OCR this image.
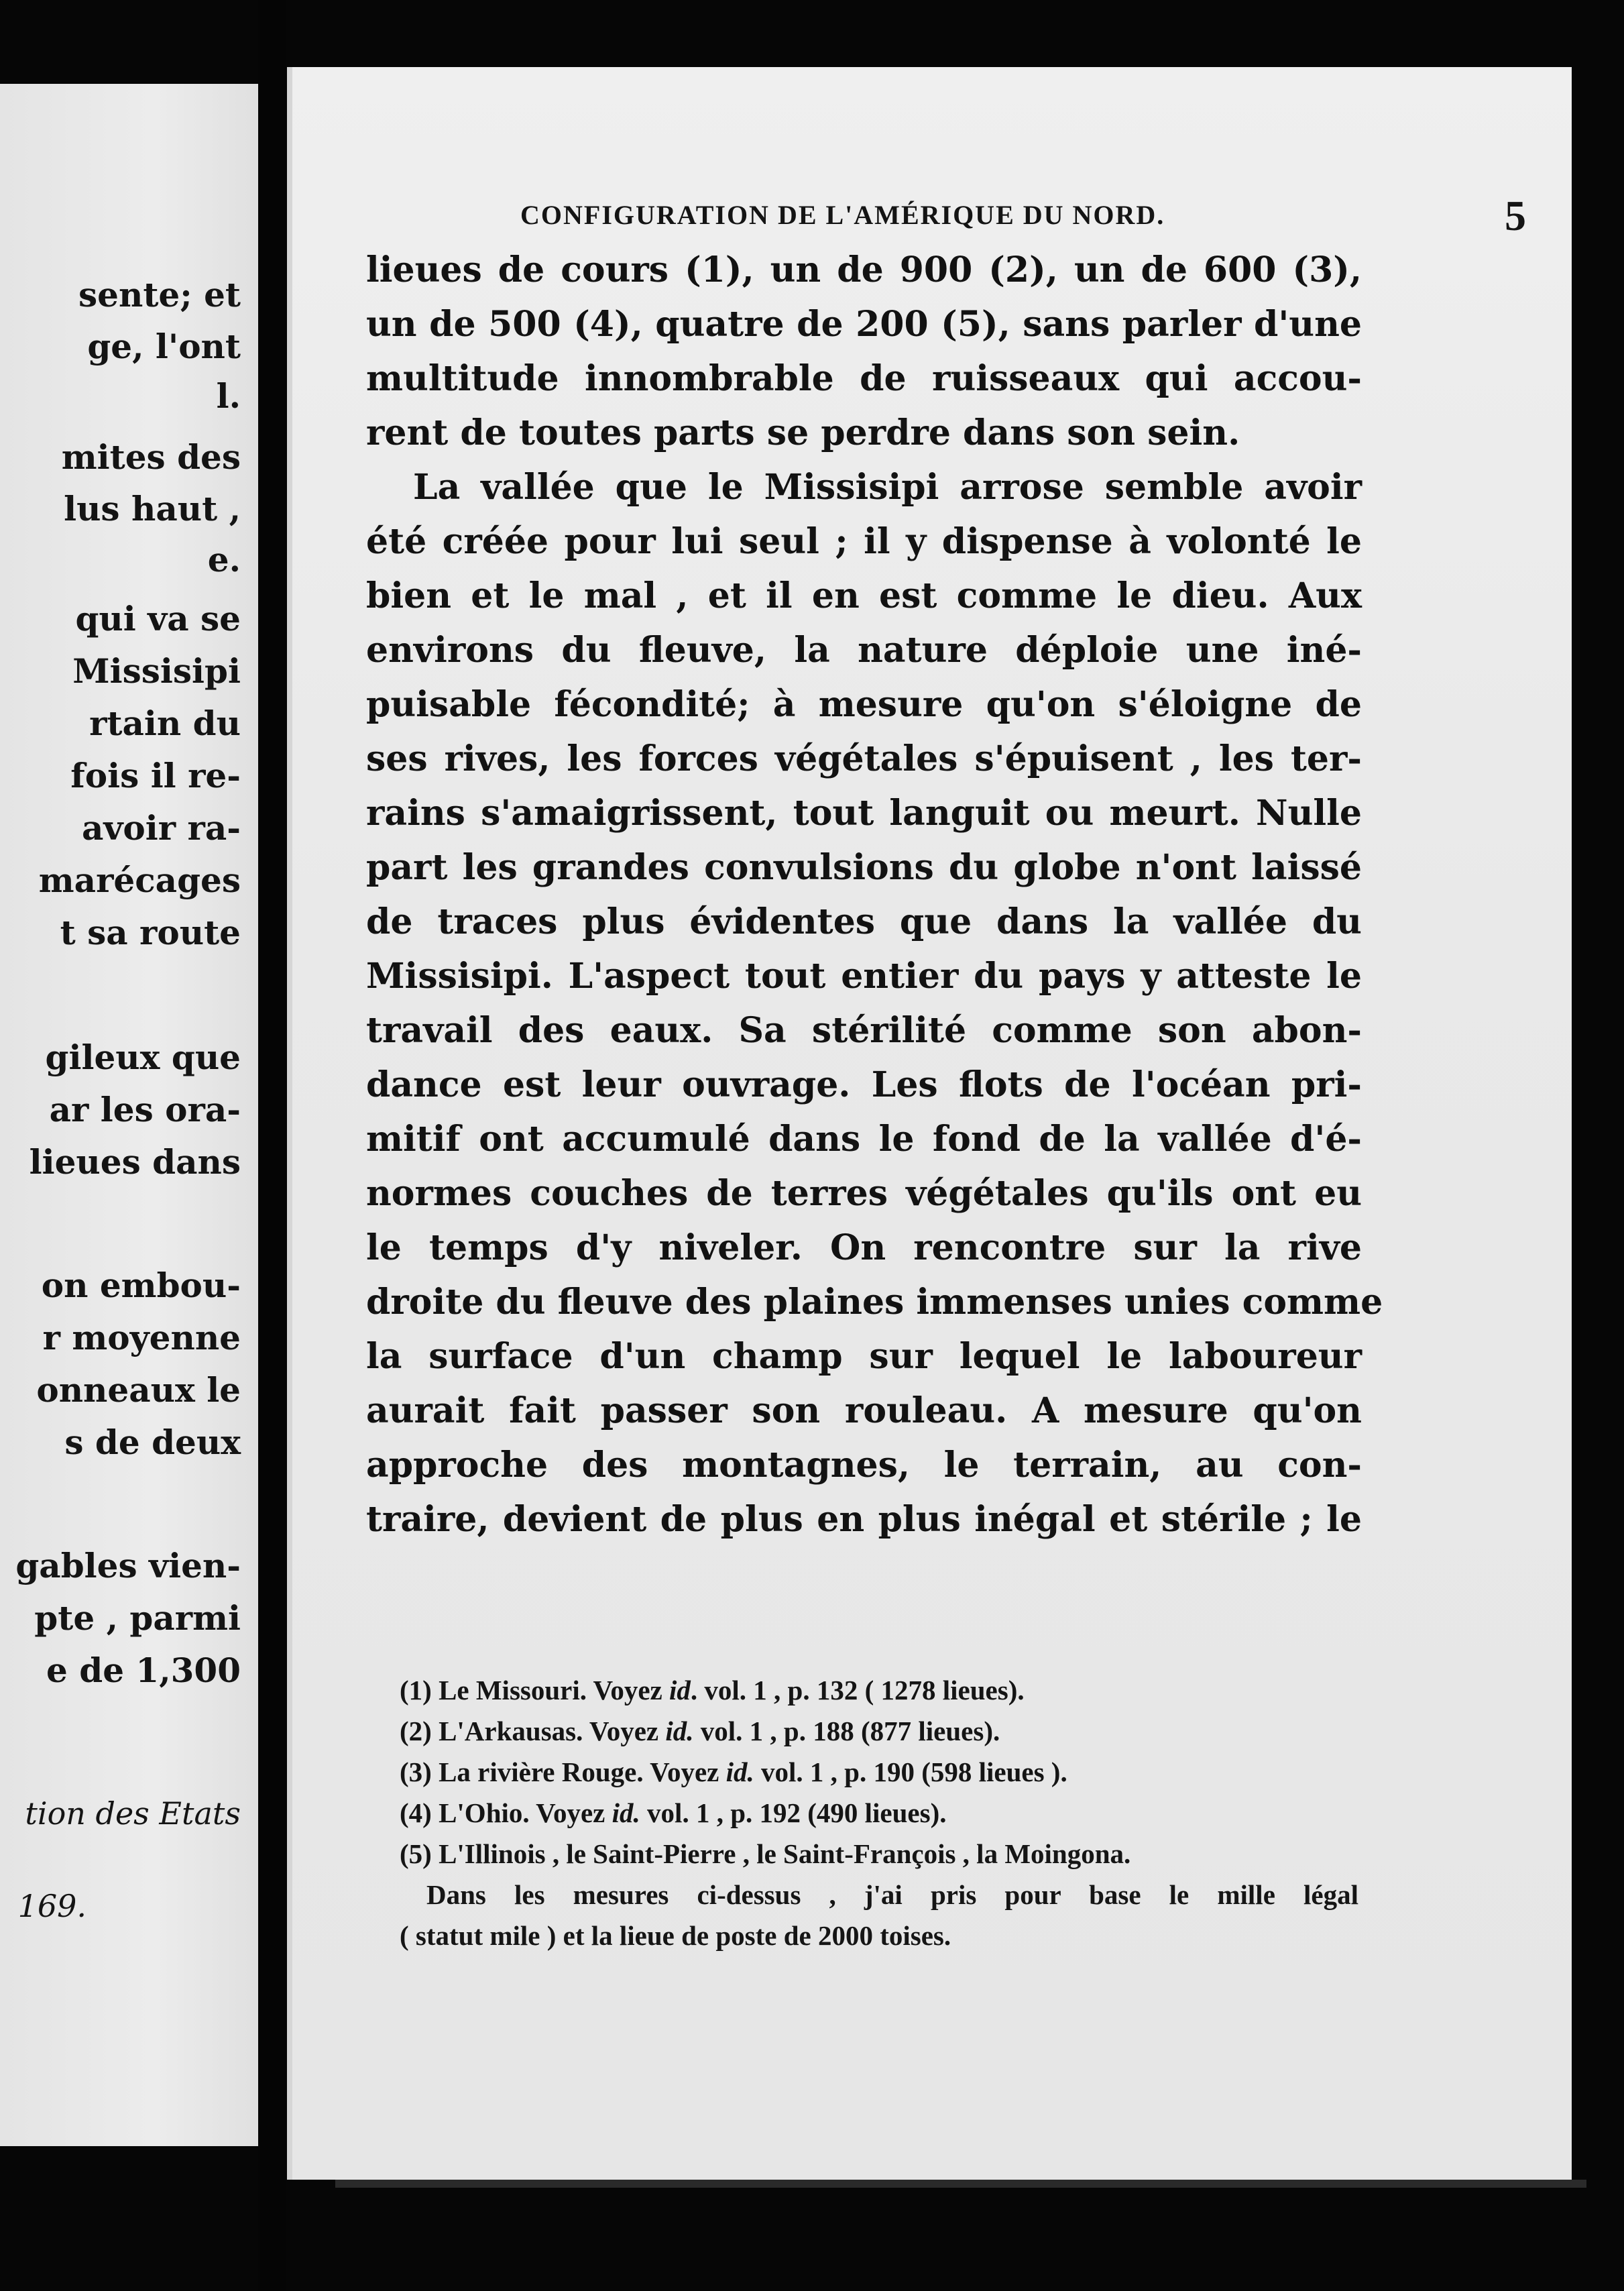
sente; et
ge, l'ont
l.
mites des
lus haut ,
e.
qui va se
Missisipi
rtain du
fois il re-
avoir ra-
marécages
t sa route
gileux que
ar les ora-
lieues dans
on embou-
r moyenne
onneaux le
s de deux
gables vien-
pte , parmi
e de 1,300
tion des Etats
169.
CONFIGURATION DE L'AMÉRIQUE DU NORD.	5
lieues de cours (1), un de 900 (2), un de 600 (3),
un de 500 (4), quatre de 200 (5), sans parler d'une
multitude innombrable de ruisseaux qui accou-
rent de toutes parts se perdre dans son sein.
La vallée que le Missisipi arrose semble avoir
été créée pour lui seul ; il y dispense à volonté le
bien et le mal , et il en est comme le dieu. Aux
environs du fleuve, la nature déploie une iné-
puisable fécondité; à mesure qu'on s'éloigne de
ses rives, les forces végétales s'épuisent , les ter-
rains s'amaigrissent, tout languit ou meurt. Nulle
part les grandes convulsions du globe n'ont laissé
de traces plus évidentes que dans la vallée du
Missisipi. L'aspect tout entier du pays y atteste le
travail des eaux. Sa stérilité comme son abon-
dance est leur ouvrage. Les flots de l'océan pri-
mitif ont accumulé dans le fond de la vallée d'é-
normes couches de terres végétales qu'ils ont eu
le temps d'y niveler. On rencontre sur la rive
droite du fleuve des plaines immenses unies comme
la surface d'un champ sur lequel le laboureur
aurait fait passer son rouleau. A mesure qu'on
approche des montagnes, le terrain, au con-
traire, devient de plus en plus inégal et stérile ; le
(1) Le Missouri. Voyez id. vol. 1 , p. 132 ( 1278 lieues).
(2) L'Arkausas. Voyez id. vol. 1 , p. 188 (877 lieues).
(3) La rivière Rouge. Voyez id. vol. 1 , p. 190 (598 lieues ).
(4) L'Ohio. Voyez id. vol. 1 , p. 192 (490 lieues).
(5) L'Illinois , le Saint-Pierre , le Saint-François , la Moingona.
Dans les mesures ci-dessus , j'ai pris pour base le mille légal
( statut mile ) et la lieue de poste de 2000 toises.
